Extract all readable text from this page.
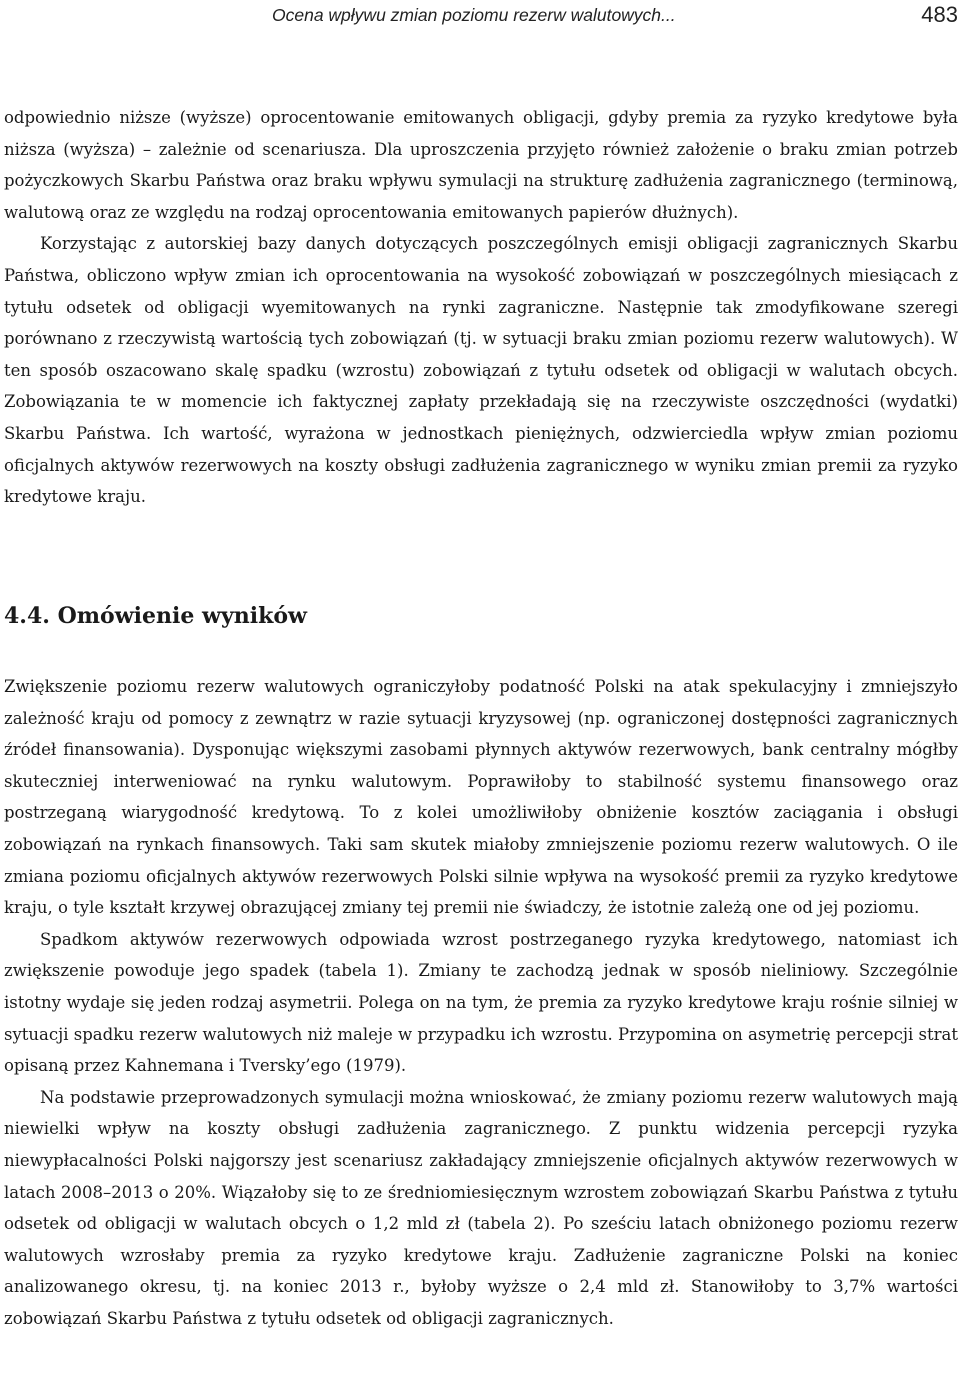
Ocena wpływu zmian poziomu rezerw walutowych...	483

odpowiednio niższe (wyższe) oprocentowanie emitowanych obligacji, gdyby premia za ryzyko kredytowe była niższa (wyższa) – zależnie od scenariusza. Dla uproszczenia przyjęto również założenie o braku zmian potrzeb pożyczkowych Skarbu Państwa oraz braku wpływu symulacji na strukturę zadłużenia zagranicznego (terminową, walutową oraz ze względu na rodzaj oprocentowania emitowanych papierów dłużnych).

Korzystając z autorskiej bazy danych dotyczących poszczególnych emisji obligacji zagranicznych Skarbu Państwa, obliczono wpływ zmian ich oprocentowania na wysokość zobowiązań w poszczególnych miesiącach z tytułu odsetek od obligacji wyemitowanych na rynki zagraniczne. Następnie tak zmodyfikowane szeregi porównano z rzeczywistą wartością tych zobowiązań (tj. w sytuacji braku zmian poziomu rezerw walutowych). W ten sposób oszacowano skalę spadku (wzrostu) zobowiązań z tytułu odsetek od obligacji w walutach obcych. Zobowiązania te w momencie ich faktycznej zapłaty przekładają się na rzeczywiste oszczędności (wydatki) Skarbu Państwa. Ich wartość, wyrażona w jednostkach pieniężnych, odzwierciedla wpływ zmian poziomu oficjalnych aktywów rezerwowych na koszty obsługi zadłużenia zagranicznego w wyniku zmian premii za ryzyko kredytowe kraju.

4.4. Omówienie wyników

Zwiększenie poziomu rezerw walutowych ograniczyłoby podatność Polski na atak spekulacyjny i zmniejszyło zależność kraju od pomocy z zewnątrz w razie sytuacji kryzysowej (np. ograniczonej dostępności zagranicznych źródeł finansowania). Dysponując większymi zasobami płynnych aktywów rezerwowych, bank centralny mógłby skuteczniej interweniować na rynku walutowym. Poprawiłoby to stabilność systemu finansowego oraz postrzeganą wiarygodność kredytową. To z kolei umożliwiłoby obniżenie kosztów zaciągania i obsługi zobowiązań na rynkach finansowych. Taki sam skutek miałoby zmniejszenie poziomu rezerw walutowych. O ile zmiana poziomu oficjalnych aktywów rezerwowych Polski silnie wpływa na wysokość premii za ryzyko kredytowe kraju, o tyle kształt krzywej obrazującej zmiany tej premii nie świadczy, że istotnie zależą one od jej poziomu.

Spadkom aktywów rezerwowych odpowiada wzrost postrzeganego ryzyka kredytowego, natomiast ich zwiększenie powoduje jego spadek (tabela 1). Zmiany te zachodzą jednak w sposób nieliniowy. Szczególnie istotny wydaje się jeden rodzaj asymetrii. Polega on na tym, że premia za ryzyko kredytowe kraju rośnie silniej w sytuacji spadku rezerw walutowych niż maleje w przypadku ich wzrostu. Przypomina on asymetrię percepcji strat opisaną przez Kahnemana i Tversky’ego (1979).

Na podstawie przeprowadzonych symulacji można wnioskować, że zmiany poziomu rezerw walutowych mają niewielki wpływ na koszty obsługi zadłużenia zagranicznego. Z punktu widzenia percepcji ryzyka niewypłacalności Polski najgorszy jest scenariusz zakładający zmniejszenie oficjalnych aktywów rezerwowych w latach 2008–2013 o 20%. Wiązałoby się to ze średniomiesięcznym wzrostem zobowiązań Skarbu Państwa z tytułu odsetek od obligacji w walutach obcych o 1,2 mld zł (tabela 2). Po sześciu latach obniżonego poziomu rezerw walutowych wzrosłaby premia za ryzyko kredytowe kraju. Zadłużenie zagraniczne Polski na koniec analizowanego okresu, tj. na koniec 2013 r., byłoby wyższe o 2,4 mld zł. Stanowiłoby to 3,7% wartości zobowiązań Skarbu Państwa z tytułu odsetek od obligacji zagranicznych.
